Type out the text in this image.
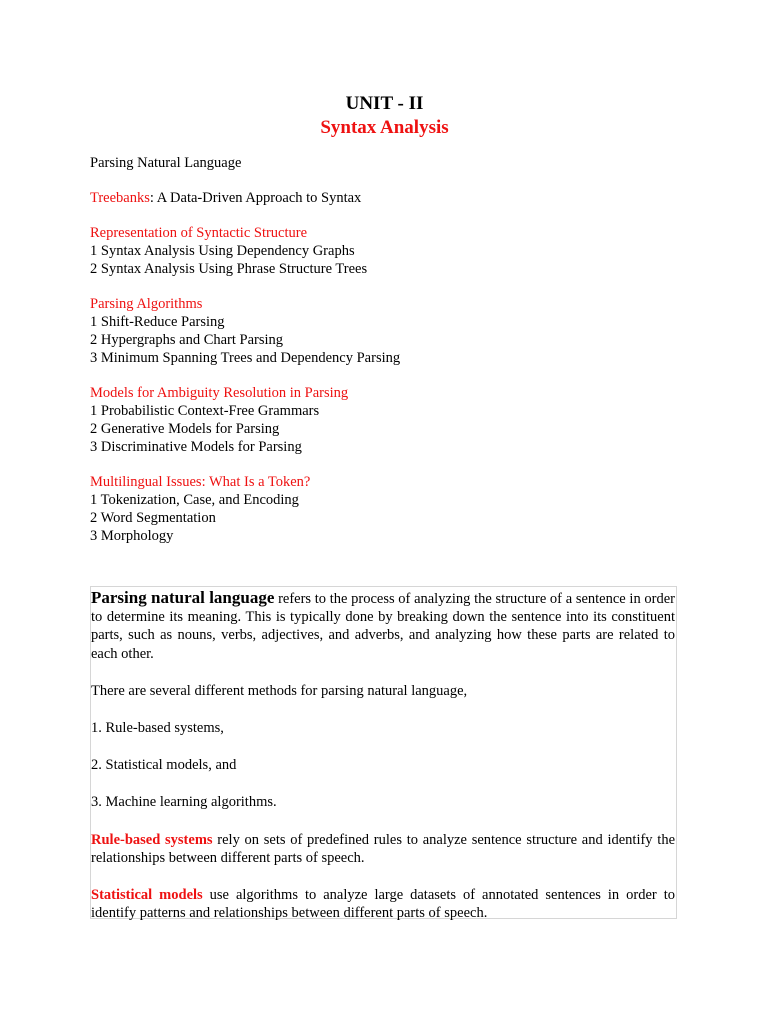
UNIT - II
Syntax Analysis

Parsing Natural Language

Treebanks: A Data-Driven Approach to Syntax

Representation of Syntactic Structure

1 Syntax Analysis Using Dependency Graphs

2 Syntax Analysis Using Phrase Structure Trees

Parsing Algorithms

1 Shift-Reduce Parsing

2 Hypergraphs and Chart Parsing

3 Minimum Spanning Trees and Dependency Parsing

Models for Ambiguity Resolution in Parsing

1 Probabilistic Context-Free Grammars

2 Generative Models for Parsing

3 Discriminative Models for Parsing

Multilingual Issues: What Is a Token?

1 Tokenization, Case, and Encoding

2 Word Segmentation

3 Morphology

Parsing natural language refers to the process of analyzing the structure of a sentence in order to determine its meaning. This is typically done by breaking down the sentence into its constituent parts, such as nouns, verbs, adjectives, and adverbs, and analyzing how these parts are related to each other.

There are several different methods for parsing natural language,

1. Rule-based systems,

2. Statistical models, and

3. Machine learning algorithms.

Rule-based systems rely on sets of predefined rules to analyze sentence structure and identify the relationships between different parts of speech.

Statistical models use algorithms to analyze large datasets of annotated sentences in order to identify patterns and relationships between different parts of speech.
